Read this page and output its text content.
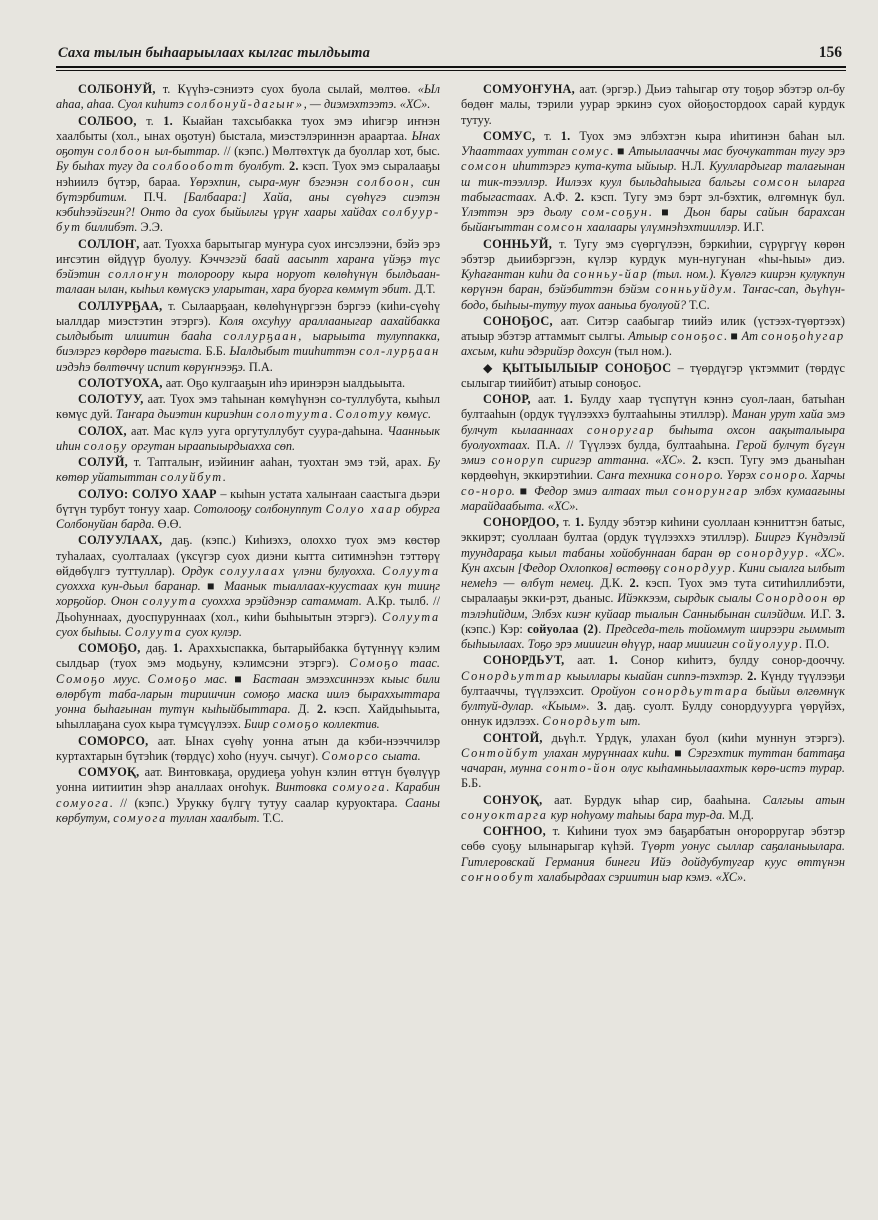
Саха тылын быһаарыылаах кылгас тылдьыта	156

СОЛБОНУЙ, т. Күүһэ-сэниэтэ суох буола сылай, мөлтөө. «Ыл аһаа, аһаа. Суол киһитэ солбонуй-дагыҥ», — диэмэхтээтэ. «ХС».

СОЛБОО, т. 1. Кыайан тахсыбакка туох эмэ иһигэр иҥнэн хаалбыты (хол., ынах оҕотун) быстала, миэстэлэриннэн араартаа. Ынах оҕотун солбоон ыл-быттар. // (кэпс.) Мөлтөхтүк да буоллар хот, быс. Бу быһах тугу да солбооботт буолбут. 2. кэсп. Туох эмэ сыралааҕы нэһиилэ бүтэр, бараа. Үөрэхпин, сыра-муҥ бэгэнэн солбоон, син бүтэрбитим. П.Ч. [Балбаара:] Хайа, аны сүөһүгэ сиэтэн кэбиһээйэгин?! Онто да суох быйылгы үрүҥ хаары хайдах солбуур-бут биллибэт. Э.Э.

СОЛЛОҤ, аат. Туохха барытыгар муҥура суох иҥсэлээни, бэйэ эрэ иҥсэтин өйдүүр буолуу. Кэччэгэй баай аасыпт хараҥа үйэҕэ түс бэйэтин соллоҥун толороору кыра норуот көлөһүнүн былдьаан-талаан ылан, кыһыл көмүскэ уларытан, хара буорга көммүт эбит. Д.Т.

СОЛЛУРҔАА, т. Сылаарҕаан, көлөһүнүргээн бэргээ (киһи-сүөһү ыаллдар миэстэтин этэргэ). Коля охсуһуу араллааныгар аахайбакка сылдыбыт илиитин бааһа соллурҕаан, ыарыыта тулуппакка, биэлэргэ көрдөрө тағыста. Б.Б. Ыалдыбыт тииһиттэн сол-лурҕаан иэдэһэ бөлтөччү испит көрүҥнээҕэ. П.А.

СОЛОТУОХА, аат. Оҕо кулгааҕын иһэ иринэрэн ыалдьыыта.

СОЛОТУУ, аат. Туох эмэ таһынан көмүһүнэн со-туллубута, кыһыл көмүс дуй. Таҥара дьиэтин кириэһин солотуута. Солотуу көмүс.

СОЛОХ, аат. Мас күлэ ууга оргутуллубут суура-даһына. Чаанньык иһин солоҕу оргутан ыраапыырдыахха сөп.

СОЛУЙ, т. Тапталыҥ, иэйиниҥ ааһан, туохтан эмэ тэй, арах. Бу көтөр уйатыттан солуйбут.

СОЛУО: СОЛУО ХААР – кыһын устата халыҥаан саастыга дьэри бүтүн турбут тоҥуу хаар. Сотолооҕу солбонуппут Солуо хаар обурга Солбонуйан барда. Ө.Ө.

СОЛУУЛААХ, даҕ. (кэпс.) Киһиэхэ, олоххо туох эмэ көстөр туһалаах, суолталаах (үксүгэр суох диэни кытта ситимнэһэн тэттөрү өйдөбүлгэ туттуллар). Ордук солуулаах үлэни булуохха. Солуута суоххха кун-дьыл баранар. ■ Маанык тыаллаах-куустаах кун тииңг хорҕойор. Онон солуута суоххха эрэйдэнэр сатаммат. А.Кр. тылб. // Дьоһуннаах, дуоспуруннаах (хол., киһи быһыытын этэргэ). Солуута суох быһыы. Солуута суох кулэр.

СОМОҔО, даҕ. 1. Араххыспакка, бытарыйбакка бүтүннүү кэлим сылдьар (туох эмэ модьуну, кэлимсэни этэргэ). Сомоҕо таас. Сомоҕо муус. Сомоҕо мас. ■ Бастаан эмээхсиннээх кыыс били өлөрбүт таба-ларын тиришчин сомоҕо маска иилэ быраххыттара уонна быһағынан тутүн кыһыйбыттара. Д. 2. кэсп. Хайдыһыыта, ыһыллаҕана суох кыра түмсүүлээх. Биир сомоҕо коллектив.

СОМОРСО, аат. Ынах сүөһү уонна атын да кэби-нээччилэр куртахтарын бүтэһик (төрдүс) хоһо (нууч. сычуг). Соморсо сыата.

СОМУОҚ, аат. Винтовкаҕа, орудиеҕа уоһун кэлин өттүн бүөлүүр уонна иитиитин эһэр аналлаах оҥоһук. Винтовка сомуога. Карабин сомуога. // (кэпс.) Урукку бүлгү тутуу саалар куруоктара. Сааны көрбутум, сомуога туллан хаалбыт. Т.С.

СОМУОҤУНА, аат. (эргэр.) Дьиэ таһыгар оту тоҕор эбэтэр ол-бу бөдөҥ малы, тэрили уурар эркинэ суох ойоҕостордоох сарай курдук тутуу.

СОМУС, т. 1. Туох эмэ элбэхтэн кыра иһитинэн баһан ыл. Уһааттаах ууттан сомус. ■ Атыылааччы мас буочукаттан тугу эрэ сомсон иһиттэргэ кута-кута ыйыыр. Н.Л. Кууллардыгар талағынан ш тик-тээллэр. Иилээх куул быльдаһыыга бальгы сомсон ыларга табыгастаах. А.Ф. 2. кэсп. Тугу эмэ бэрт эл-бэхтик, өлгөмнүк бул. Үлэттэн эрэ дьолу сом-соҕун. ■ Дьон бары сайын барахсан быйаҥыттан сомсон хаалаары үлүмнэһэхтииллэр. И.Г.

СОННЬУЙ, т. Тугу эмэ сүөргүлээн, бэркиһии, сүрүргүү көрөн эбэтэр дьиибэргээн, күлэр курдук мун-нугунан «һы-һыы» диэ. Куһағантан киһи да сонньу-йар (тыл. ном.). Күөлгэ киирэн кулукпун көрүнэн баран, бэйэбиттэн бэйэм сонньуйдум. Таҥас-сап, дьүһүн-бодо, быһыы-тутуу туох ааныьа буолуой? Т.С.

СОНОҔОС, аат. Ситэр саабыгар тиийэ илик (үстээх-түөртээх) атыыр эбэтэр аттаммыт сылгы. Атыыр соноҕос. ■ Ат соноҕоһугар ахсым, киһи эдэрийэр дохсун (тыл ном.).

◆ ҚЫТЫЫЛЫЫР СОНОҔОС – түөрдүгэр үктэммит (төрдүс сылыгар тиийбит) атыыр соноҕос.

СОНОР, аат. 1. Булду хаар түспүтүн кэннэ суол-лаан, батыһан бултааһын (ордук түүлээххэ бултааһыны этиллэр). Манан урут хайа эмэ булчут кылааннаах соноругар быһыта охсон аақыталыыра буолуохтаах. П.А. // Түүлээх булда, бултааһына. Герой булчут бүгүн эмиэ соноруп сиригэр аттанна. «ХС». 2. кэсп. Тугу эмэ дьаныһан көрдөөһүн, эккирэтиһии. Саҥа техника соноро. Үөрэх соноро. Харчы со-норо. ■ Федор эмиэ алтаах тыл сонорунгар элбэх кумаағыны марайдаабыта. «ХС».

СОНОРДОО, т. 1. Булду эбэтэр киһини суоллаан кэнниттэн батыс, эккирэт; суоллаан бултаа (ордук түүлээххэ этиллэр). Бииргэ Күндэлэй туундараҕа кыыл табаны хойобуннаан баран өр сонордуур. «ХС». Кун ахсын [Федор Охлопков] өстөөҕү сонордуур. Кини сыалга ылбыт немеһэ — өлбүт немец. Д.К. 2. кэсп. Туох эмэ тута ситиһиллибэти, сыралааҕы экки-рэт, дьаныс. Ийэккээм, сырдык сыалы Сонордоон өр тэлэһийдим, Элбэх киэҥ куйаар тыалын Санныбынан силэйдим. И.Г. 3. (кэпс.) Кэр: сойуолаа (2). Председа-тель тойоммут ширээри гыммыт быһыылаах. Тоҕо эрэ мииигин өһүүр, наар мииигин сойуолуур. П.О.

СОНОРДЬУТ, аат. 1. Сонор киһитэ, булду сонор-дооччу. Сонордьуттар кыыллары кыайан сиппэ-тэхтэр. 2. Күнду түүлээҕи бултааччы, түүлээхсит. Оройуон сонордьуттара быйыл өлгөмнүк бултуй-дулар. «Кыым». 3. даҕ. суолт. Булду сонордууурга үөрүйэх, оннук идэлээх. Сонордьут ыт.

СОНТОЙ, дьүһ.т. Үрдүк, улахан буол (киһи муннун этэргэ). Сонтойбут улахан мурүннаах киһи. ■ Сэргэхтик туттан баттаҕа чачаран, мунна сонто-йон олус кыһамньылаахтык көрө-истэ турар. Б.Б.

СОНУОҚ, аат. Бурдук ыһар сир, бааһына. Салгыы атын сонуоктарга кур ноһуому таһыы бара тур-да. М.Д.

СОҤНОО, т. Киһини туох эмэ баҕарбатын оҥорорругар эбэтэр сөбө суоҕу ылынарыгар күһэй. Түөрт уонус сыллар саҕаланыыларa. Гитлеровскай Германия бинеги Ийэ дойдубутугар куус өттүнэн соҥнообут халабырдаах сэриитин ыар кэмэ. «ХС».
